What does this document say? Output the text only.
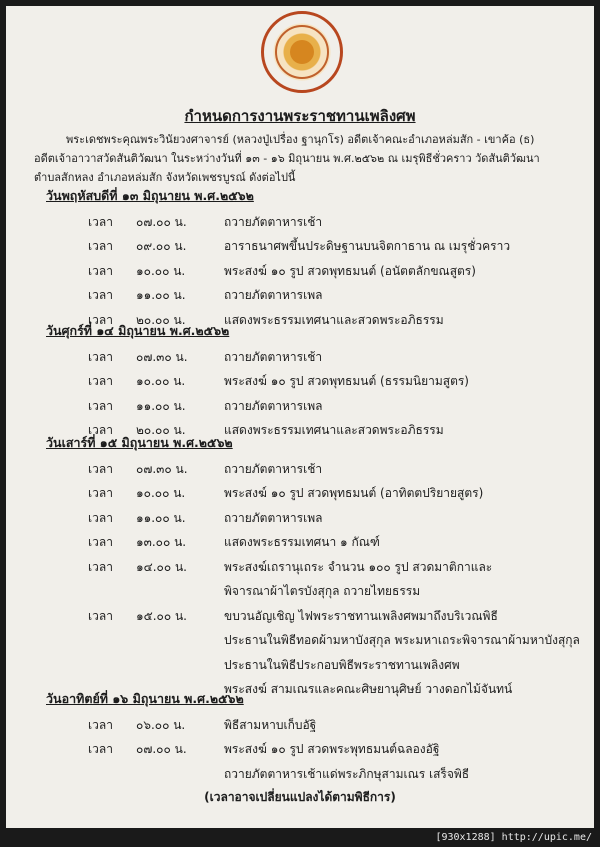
กำหนดการงานพระราชทานเพลิงศพ
พระเดชพระคุณพระวินัยวงศาจารย์ (หลวงปู่เปรื่อง ฐานุกโร) อดีตเจ้าคณะอำเภอหล่มสัก - เขาค้อ (ธ)
อดีตเจ้าอาวาสวัดสันติวัฒนา ในระหว่างวันที่ ๑๓ - ๑๖ มิถุนายน พ.ศ.๒๕๖๒ ณ เมรุพิธีชั่วคราว วัดสันติวัฒนา
ตำบลสักหลง อำเภอหล่มสัก จังหวัดเพชรบูรณ์ ดังต่อไปนี้
วันพฤหัสบดีที่ ๑๓ มิถุนายน พ.ศ.๒๕๖๒
เวลา ๐๗.๐๐ น.	ถวายภัตตาหารเช้า
เวลา ๐๙.๐๐ น.	อาราธนาศพขึ้นประดิษฐานบนจิตกาธาน ณ เมรุชั่วคราว
เวลา ๑๐.๐๐ น.	พระสงฆ์ ๑๐ รูป สวดพุทธมนต์ (อนัตตลักขณสูตร)
เวลา ๑๑.๐๐ น.	ถวายภัตตาหารเพล
เวลา ๒๐.๐๐ น.	แสดงพระธรรมเทศนาและสวดพระอภิธรรม
วันศุกร์ที่ ๑๔ มิถุนายน พ.ศ.๒๕๖๒
เวลา ๐๗.๓๐ น.	ถวายภัตตาหารเช้า
เวลา ๑๐.๐๐ น.	พระสงฆ์ ๑๐ รูป สวดพุทธมนต์ (ธรรมนิยามสูตร)
เวลา ๑๑.๐๐ น.	ถวายภัตตาหารเพล
เวลา ๒๐.๐๐ น.	แสดงพระธรรมเทศนาและสวดพระอภิธรรม
วันเสาร์ที่ ๑๕ มิถุนายน พ.ศ.๒๕๖๒
เวลา ๐๗.๓๐ น.	ถวายภัตตาหารเช้า
เวลา ๑๐.๐๐ น.	พระสงฆ์ ๑๐ รูป สวดพุทธมนต์ (อาทิตตปริยายสูตร)
เวลา ๑๑.๐๐ น.	ถวายภัตตาหารเพล
เวลา ๑๓.๐๐ น.	แสดงพระธรรมเทศนา ๑ กัณฑ์
เวลา ๑๔.๐๐ น.	พระสงฆ์เถรานุเถระ จำนวน ๑๐๐ รูป สวดมาติกาและ
พิจารณาผ้าไตรบังสุกุล ถวายไทยธรรม
เวลา ๑๕.๐๐ น.	ขบวนอัญเชิญ ไฟพระราชทานเพลิงศพมาถึงบริเวณพิธี
ประธานในพิธีทอดผ้ามหาบังสุกุล พระมหาเถระพิจารณาผ้ามหาบังสุกุล
ประธานในพิธีประกอบพิธีพระราชทานเพลิงศพ
พระสงฆ์ สามเณรและคณะศิษยานุศิษย์ วางดอกไม้จันทน์
วันอาทิตย์ที่ ๑๖ มิถุนายน พ.ศ.๒๕๖๒
เวลา ๐๖.๐๐ น.	พิธีสามหาบเก็บอัฐิ
เวลา ๐๗.๐๐ น.	พระสงฆ์ ๑๐ รูป สวดพระพุทธมนต์ฉลองอัฐิ
ถวายภัตตาหารเช้าแด่พระภิกษุสามเณร เสร็จพิธี
(เวลาอาจเปลี่ยนแปลงได้ตามพิธีการ)
[930x1288] http://upic.me/
